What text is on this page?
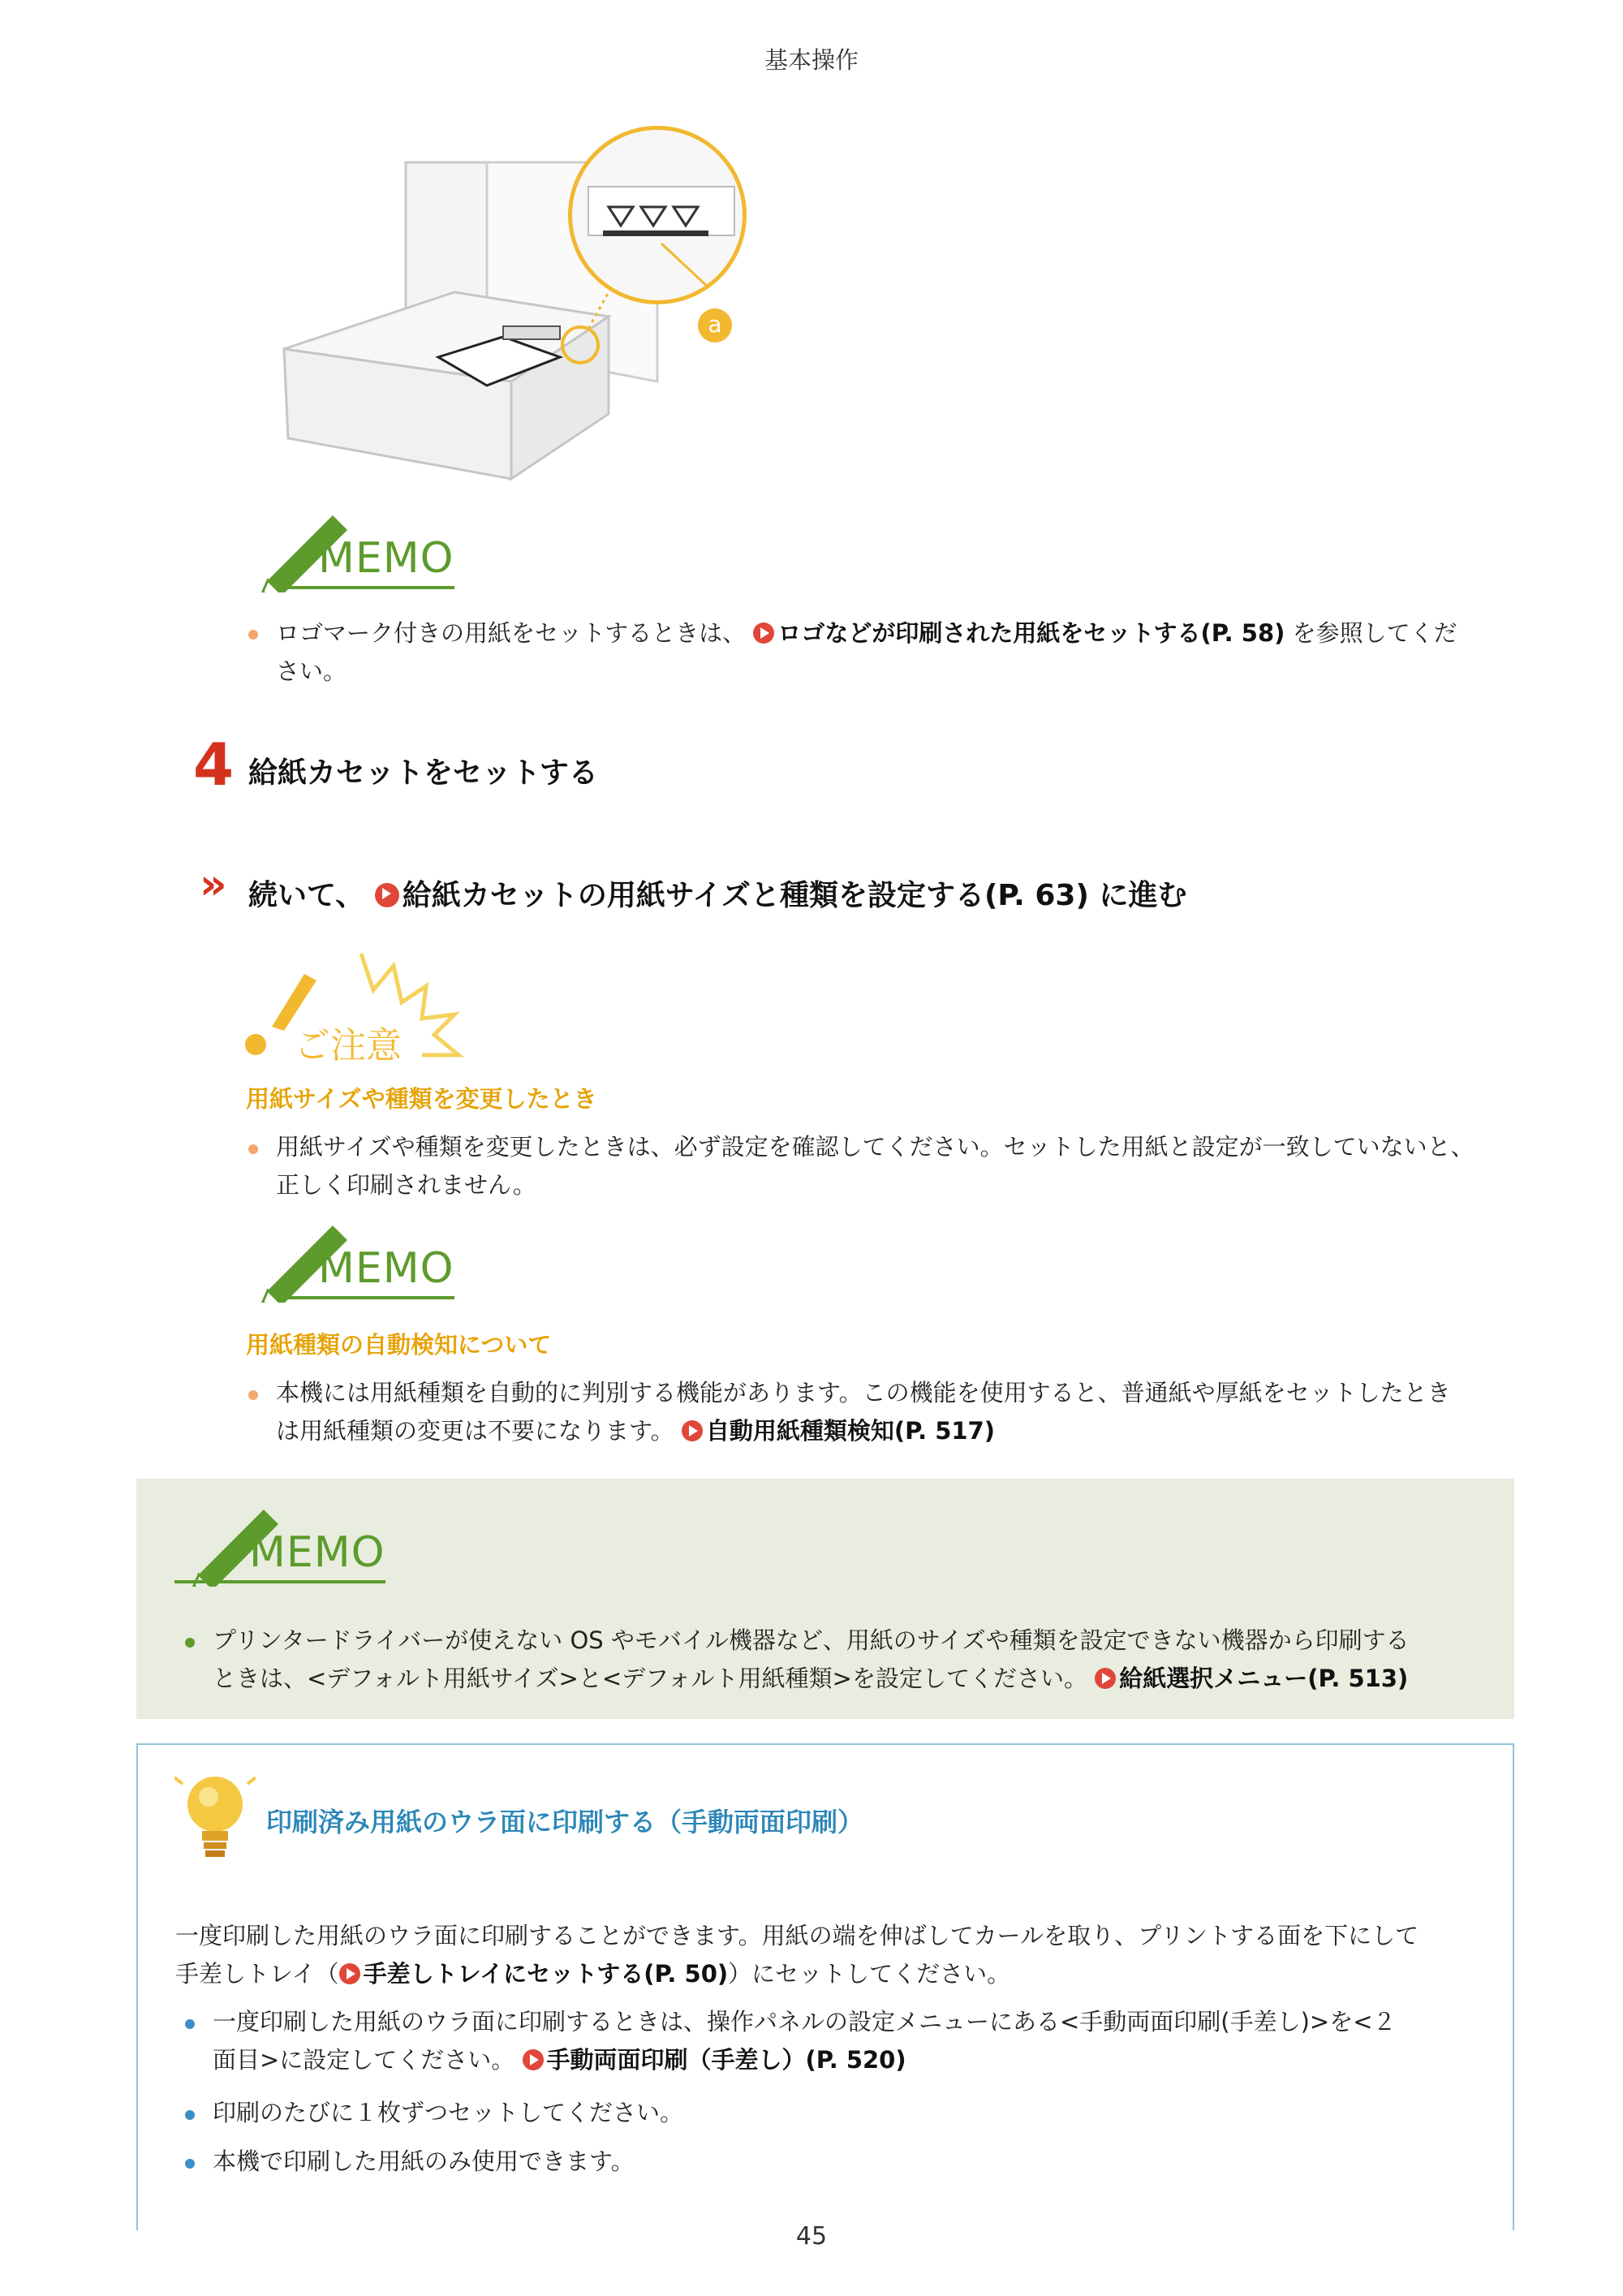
基本操作
a
MEMO
ロゴマーク付きの用紙をセットするときは、 ロゴなどが印刷された用紙をセットする(P. 58) を参照してくだ
さい。
4 給紙カセットをセットする
» 続いて、 給紙カセットの用紙サイズと種類を設定する(P. 63) に進む
ご注意
用紙サイズや種類を変更したとき
用紙サイズや種類を変更したときは、必ず設定を確認してください。セットした用紙と設定が一致していないと、
正しく印刷されません。
MEMO
用紙種類の自動検知について
本機には用紙種類を自動的に判別する機能があります。この機能を使用すると、普通紙や厚紙をセットしたとき
は用紙種類の変更は不要になります。 自動用紙種類検知(P. 517)
MEMO
プリンタードライバーが使えない OS やモバイル機器など、用紙のサイズや種類を設定できない機器から印刷する
ときは、<デフォルト用紙サイズ>と<デフォルト用紙種類>を設定してください。 給紙選択メニュー(P. 513)
印刷済み用紙のウラ面に印刷する（手動両面印刷）
一度印刷した用紙のウラ面に印刷することができます。用紙の端を伸ばしてカールを取り、プリントする面を下にして
手差しトレイ（ 手差しトレイにセットする(P. 50)）にセットしてください。
一度印刷した用紙のウラ面に印刷するときは、操作パネルの設定メニューにある<手動両面印刷(手差し)>を<２
面目>に設定してください。 手動両面印刷（手差し）(P. 520)
印刷のたびに１枚ずつセットしてください。
本機で印刷した用紙のみ使用できます。
45
